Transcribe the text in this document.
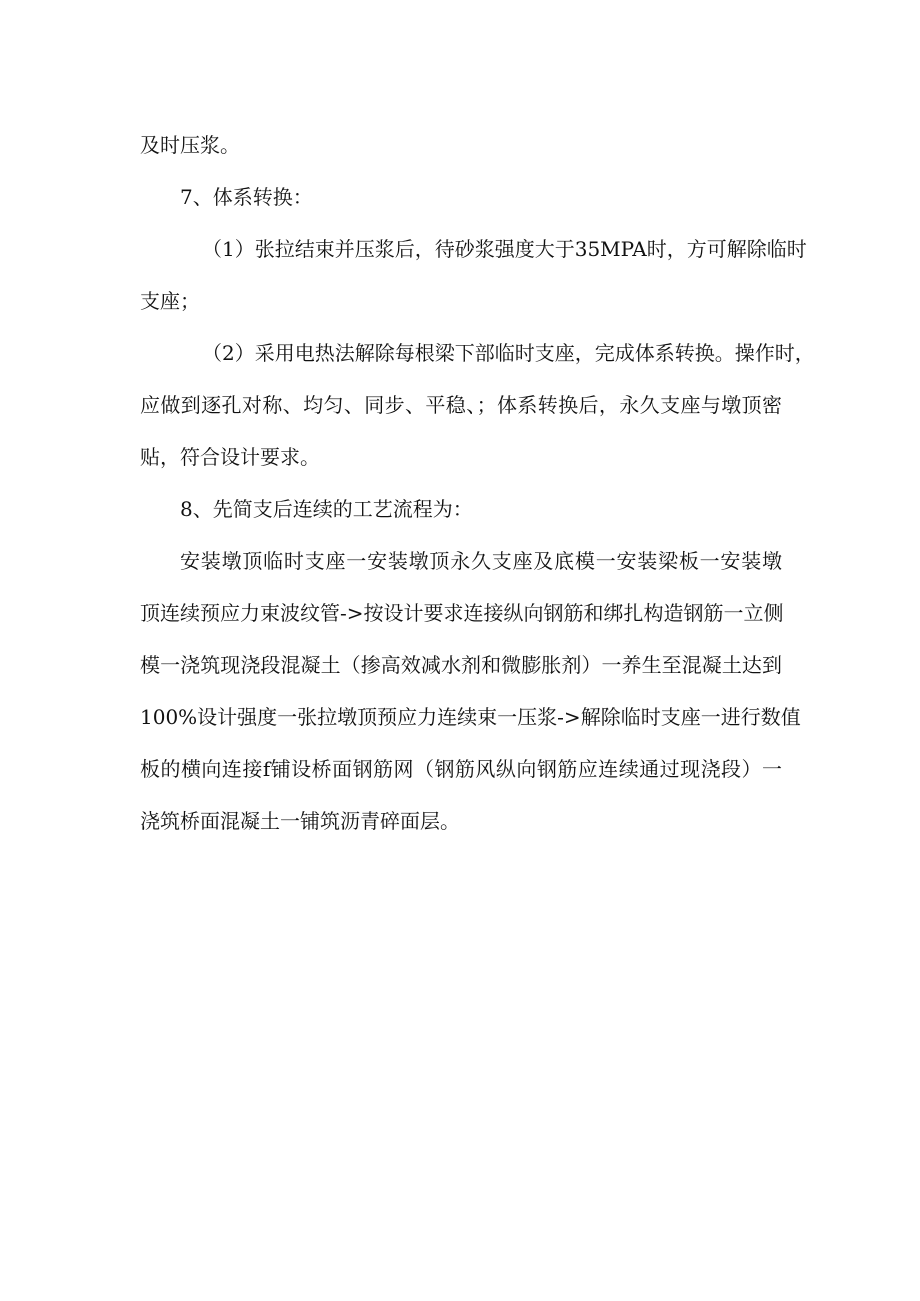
及时压浆。
7、体系转换：
（1）张拉结束并压浆后，待砂浆强度大于35MPA时，方可解除临时
支座；
（2）采用电热法解除每根梁下部临时支座，完成体系转换。操作时，
应做到逐孔对称、均匀、同步、平稳、；体系转换后，永久支座与墩顶密
贴，符合设计要求。
8、先简支后连续的工艺流程为：
安装墩顶临时支座一安装墩顶永久支座及底模一安装梁板一安装墩
顶连续预应力束波纹管->按设计要求连接纵向钢筋和绑扎构造钢筋一立侧
模一浇筑现浇段混凝土（掺高效减水剂和微膨胀剂）一养生至混凝土达到
100%设计强度一张拉墩顶预应力连续束一压浆->解除临时支座一进行数值
板的横向连接f铺设桥面钢筋网（钢筋风纵向钢筋应连续通过现浇段）一
浇筑桥面混凝土一铺筑沥青碎面层。
